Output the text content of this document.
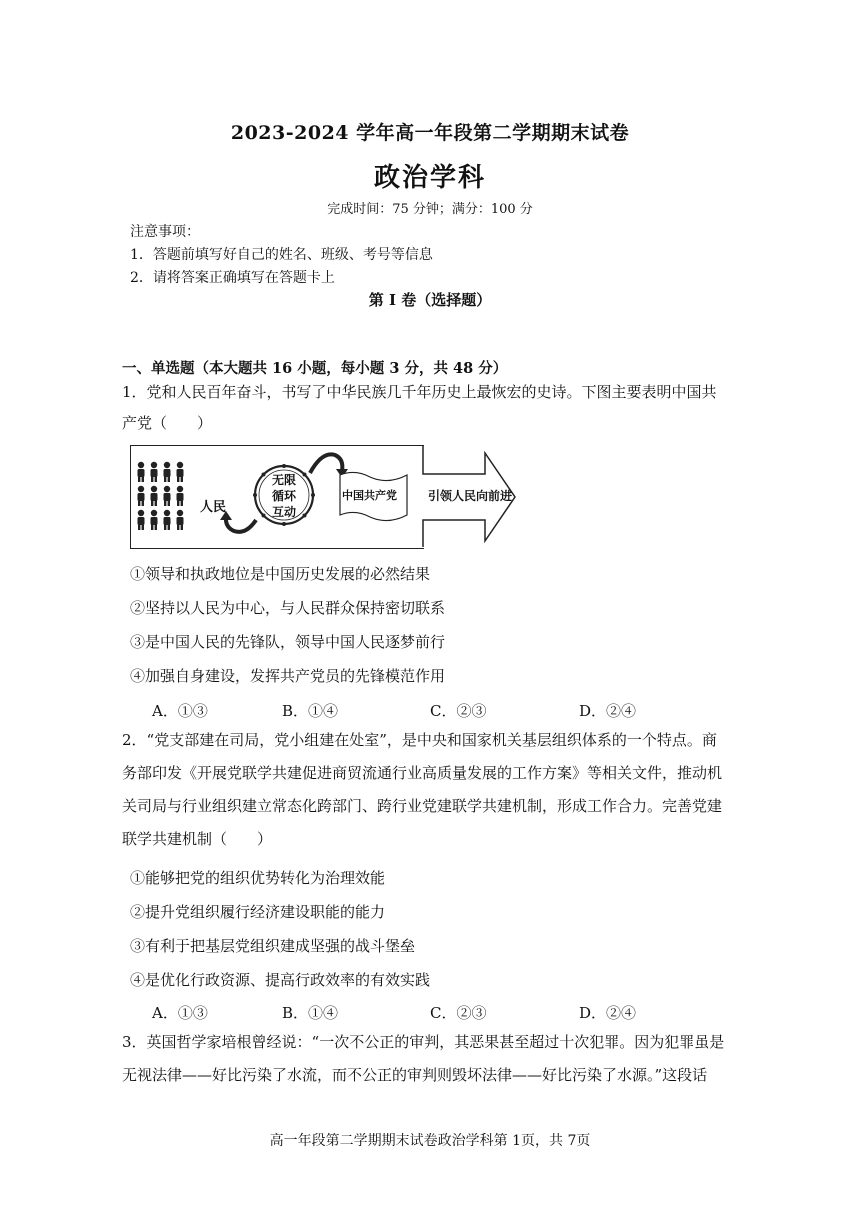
2023-2024 学年高一年段第二学期期末试卷
政治学科
完成时间：75 分钟；满分：100 分
注意事项：
1．答题前填写好自己的姓名、班级、考号等信息
2．请将答案正确填写在答题卡上
第 I 卷（选择题）
一、单选题（本大题共 16 小题，每小题 3 分，共 48 分）
1．党和人民百年奋斗，书写了中华民族几千年历史上最恢宏的史诗。下图主要表明中国共
产党（　　）
人民
无限
循环
互动
中国共产党	引领人民向前进
①领导和执政地位是中国历史发展的必然结果
②坚持以人民为中心，与人民群众保持密切联系
③是中国人民的先锋队，领导中国人民逐梦前行
④加强自身建设，发挥共产党员的先锋模范作用
A．①③	B．①④	C．②③	D．②④
2．“党支部建在司局，党小组建在处室”，是中央和国家机关基层组织体系的一个特点。商
务部印发《开展党联学共建促进商贸流通行业高质量发展的工作方案》等相关文件，推动机
关司局与行业组织建立常态化跨部门、跨行业党建联学共建机制，形成工作合力。完善党建
联学共建机制（　　）
①能够把党的组织优势转化为治理效能
②提升党组织履行经济建设职能的能力
③有利于把基层党组织建成坚强的战斗堡垒
④是优化行政资源、提高行政效率的有效实践
A．①③	B．①④	C．②③	D．②④
3．英国哲学家培根曾经说：“一次不公正的审判，其恶果甚至超过十次犯罪。因为犯罪虽是
无视法律——好比污染了水流，而不公正的审判则毁坏法律——好比污染了水源。”这段话
高一年段第二学期期末试卷政治学科第 1页，共 7页
